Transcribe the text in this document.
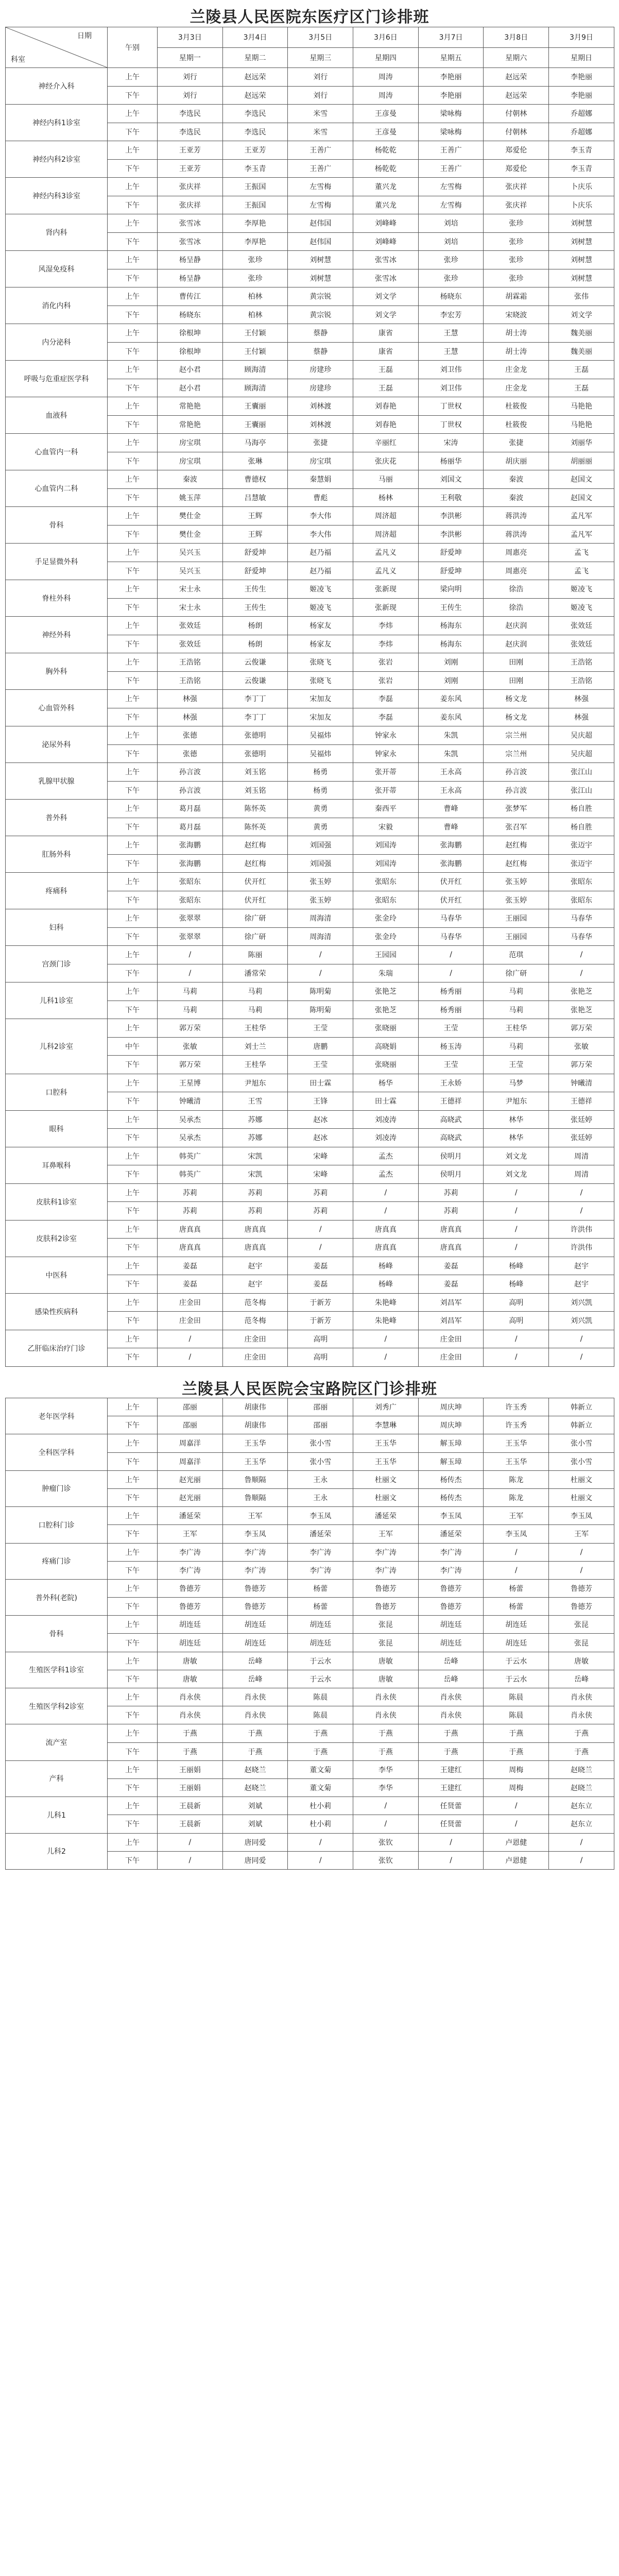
兰陵县人民医院东医疗区门诊排班
日期
科室	午别	3月3日	3月4日	3月5日	3月6日	3月7日	3月8日	3月9日
		星期一	星期二	星期三	星期四	星期五	星期六	星期日
神经介入科	上午	刘行	赵远荣	刘行	周涛	李艳丽	赵远荣	李艳丽
	下午	刘行	赵远荣	刘行	周涛	李艳丽	赵远荣	李艳丽
神经内科1诊室	上午	李选民	李选民	米雪	王彦曼	梁咏梅	付朝林	乔超娜
	下午	李选民	李选民	米雪	王彦曼	梁咏梅	付朝林	乔超娜
神经内科2诊室	上午	王亚芳	王亚芳	王善广	杨乾乾	王善广	郑爱伦	李玉青
	下午	王亚芳	李玉青	王善广	杨乾乾	王善广	郑爱伦	李玉青
神经内科3诊室	上午	张庆祥	王振国	左雪梅	董兴龙	左雪梅	张庆祥	卜庆乐
	下午	张庆祥	王振国	左雪梅	董兴龙	左雪梅	张庆祥	卜庆乐
肾内科	上午	张雪冰	李厚艳	赵伟国	刘峰峰	刘培	张珍	刘树慧
	下午	张雪冰	李厚艳	赵伟国	刘峰峰	刘培	张珍	刘树慧
风湿免疫科	上午	杨呈静	张珍	刘树慧	张雪冰	张珍	张珍	刘树慧
	下午	杨呈静	张珍	刘树慧	张雪冰	张珍	张珍	刘树慧
消化内科	上午	曹传江	柏林	黄宗锐	刘文学	杨晓东	胡霖霜	张伟
	下午	杨晓东	柏林	黄宗锐	刘文学	李宏芳	宋晓波	刘文学
内分泌科	上午	徐根坤	王付颖	蔡静	康省	王慧	胡士涛	魏美丽
	下午	徐根坤	王付颖	蔡静	康省	王慧	胡士涛	魏美丽
呼吸与危重症医学科	上午	赵小君	顾海清	房建珍	王磊	刘卫伟	庄金龙	王磊
	下午	赵小君	顾海清	房建珍	王磊	刘卫伟	庄金龙	王磊
血液科	上午	常艳艳	王囊丽	刘林渡	刘春艳	丁世权	杜筱俊	马艳艳
	下午	常艳艳	王囊丽	刘林渡	刘春艳	丁世权	杜筱俊	马艳艳
心血管内一科	上午	房宝琪	马海亭	张捷	辛丽红	宋涛	张捷	刘丽华
	下午	房宝琪	张琳	房宝琪	张庆花	杨丽华	胡庆丽	胡丽丽
心血管内二科	上午	秦波	曹德权	秦慧娟	马丽	刘国文	秦波	赵国文
	下午	姚玉萍	吕慧敏	曹彪	杨林	王利敬	秦波	赵国文
骨科	上午	樊仕金	王辉	李大伟	周济超	李洪彬	蒋洪涛	孟凡军
	下午	樊仕金	王辉	李大伟	周济超	李洪彬	蒋洪涛	孟凡军
手足显微外科	上午	吴兴玉	舒爱坤	赵乃福	孟凡义	舒爱坤	周惠亮	孟飞
	下午	吴兴玉	舒爱坤	赵乃福	孟凡义	舒爱坤	周惠亮	孟飞
脊柱外科	上午	宋士永	王传生	姬凌飞	张新现	梁向明	徐浩	姬凌飞
	下午	宋士永	王传生	姬凌飞	张新现	王传生	徐浩	姬凌飞
神经外科	上午	张效廷	杨朗	杨家友	李炜	杨海东	赵庆润	张效廷
	下午	张效廷	杨朗	杨家友	李炜	杨海东	赵庆润	张效廷
胸外科	上午	王浩铭	云俊谦	张晓飞	张岩	刘刚	田刚	王浩铭
	下午	王浩铭	云俊谦	张晓飞	张岩	刘刚	田刚	王浩铭
心血管外科	上午	林强	李丁丁	宋加友	李磊	姜东风	杨文龙	林强
	下午	林强	李丁丁	宋加友	李磊	姜东风	杨文龙	林强
泌尿外科	上午	张德	张德明	吴福炜	钟家永	朱凯	宗兰州	吴庆超
	下午	张德	张德明	吴福炜	钟家永	朱凯	宗兰州	吴庆超
乳腺甲状腺	上午	孙言波	刘玉铭	杨勇	张开蒂	王永高	孙言波	张江山
	下午	孙言波	刘玉铭	杨勇	张开蒂	王永高	孙言波	张江山
普外科	上午	葛月磊	陈怀英	黄勇	秦西平	曹峰	张梦军	杨自胜
	下午	葛月磊	陈怀英	黄勇	宋毅	曹峰	张召军	杨自胜
肛肠外科	上午	张海鹏	赵红梅	刘国强	刘国涛	张海鹏	赵红梅	张迈宇
	下午	张海鹏	赵红梅	刘国强	刘国涛	张海鹏	赵红梅	张迈宇
疼痛科	上午	张昭东	伏开红	张玉婷	张昭东	伏开红	张玉婷	张昭东
	下午	张昭东	伏开红	张玉婷	张昭东	伏开红	张玉婷	张昭东
妇科	上午	张翠翠	徐广研	周海清	张金玲	马春华	王丽园	马春华
	下午	张翠翠	徐广研	周海清	张金玲	马春华	王丽园	马春华
宫颈门诊	上午	/	陈丽	/	王园园	/	范琪	/
	下午	/	潘常荣	/	朱瑞	/	徐广研	/
儿科1诊室	上午	马莉	马莉	陈明菊	张艳芝	杨秀丽	马莉	张艳芝
	下午	马莉	马莉	陈明菊	张艳芝	杨秀丽	马莉	张艳芝
儿科2诊室	上午	郭万荣	王桂华	王莹	张晓丽	王莹	王桂华	郭万荣
	中午	张敏	刘士兰	唐鹏	高晓娟	杨玉涛	马莉	张敏
	下午	郭万荣	王桂华	王莹	张晓丽	王莹	王莹	郭万荣
口腔科	上午	王星博	尹旭东	田士霖	杨华	王永娇	马梦	钟曦清
	下午	钟曦清	王雪	王锋	田士霖	王德祥	尹旭东	王德祥
眼科	上午	吴承杰	苏娜	赵冰	刘凌涛	高晓武	林华	张廷婷
	下午	吴承杰	苏娜	赵冰	刘凌涛	高晓武	林华	张廷婷
耳鼻喉科	上午	韩英广	宋凯	宋峰	孟杰	侯明月	刘文龙	周清
	下午	韩英广	宋凯	宋峰	孟杰	侯明月	刘文龙	周清
皮肤科1诊室	上午	苏莉	苏莉	苏莉	/	苏莉	/	/
	下午	苏莉	苏莉	苏莉	/	苏莉	/	/
皮肤科2诊室	上午	唐真真	唐真真	/	唐真真	唐真真	/	许洪伟
	下午	唐真真	唐真真	/	唐真真	唐真真	/	许洪伟
中医科	上午	姜磊	赵宇	姜磊	杨峰	姜磊	杨峰	赵宇
	下午	姜磊	赵宇	姜磊	杨峰	姜磊	杨峰	赵宇
感染性疾病科	上午	庄金田	范冬梅	于新芳	朱艳峰	刘昌军	高明	刘兴凯
	下午	庄金田	范冬梅	于新芳	朱艳峰	刘昌军	高明	刘兴凯
乙肝临床治疗门诊	上午	/	庄金田	高明	/	庄金田	/	/
	下午	/	庄金田	高明	/	庄金田	/	/
兰陵县人民医院会宝路院区门诊排班
老年医学科	上午	邵丽	胡康伟	邵丽	刘秀广	周庆坤	许玉秀	韩新立
	下午	邵丽	胡康伟	邵丽	李慧琳	周庆坤	许玉秀	韩新立
全科医学科	上午	周嘉洋	王玉华	张小雪	王玉华	解玉璋	王玉华	张小雪
	下午	周嘉洋	王玉华	张小雪	王玉华	解玉璋	王玉华	张小雪
肿瘤门诊	上午	赵光丽	鲁顺隔	王永	杜丽文	杨传杰	陈龙	杜丽文
	下午	赵光丽	鲁顺隔	王永	杜丽文	杨传杰	陈龙	杜丽文
口腔科门诊	上午	潘延荣	王军	李玉凤	潘延荣	李玉凤	王军	李玉凤
	下午	王军	李玉凤	潘延荣	王军	潘延荣	李玉凤	王军
疼痛门诊	上午	李广涛	李广涛	李广涛	李广涛	李广涛	/	/
	下午	李广涛	李广涛	李广涛	李广涛	李广涛	/	/
普外科(老院)	上午	鲁德芳	鲁德芳	杨蕾	鲁德芳	鲁德芳	杨蕾	鲁德芳
	下午	鲁德芳	鲁德芳	杨蕾	鲁德芳	鲁德芳	杨蕾	鲁德芳
骨科	上午	胡连廷	胡连廷	胡连廷	张昆	胡连廷	胡连廷	张昆
	下午	胡连廷	胡连廷	胡连廷	张昆	胡连廷	胡连廷	张昆
生殖医学科1诊室	上午	唐敏	岳峰	于云水	唐敏	岳峰	于云水	唐敏
	下午	唐敏	岳峰	于云水	唐敏	岳峰	于云水	岳峰
生殖医学科2诊室	上午	肖永侠	肖永侠	陈晨	肖永侠	肖永侠	陈晨	肖永侠
	下午	肖永侠	肖永侠	陈晨	肖永侠	肖永侠	陈晨	肖永侠
流产室	上午	于燕	于燕	于燕	于燕	于燕	于燕	于燕
	下午	于燕	于燕	于燕	于燕	于燕	于燕	于燕
产科	上午	王丽娟	赵晓兰	董文菊	李华	王建红	周梅	赵晓兰
	下午	王丽娟	赵晓兰	董文菊	李华	王建红	周梅	赵晓兰
儿科1	上午	王晨新	刘斌	杜小莉	/	任贤蕾	/	赵东立
	下午	王晨新	刘斌	杜小莉	/	任贤蕾	/	赵东立
儿科2	上午	/	唐同爱	/	张钦	/	卢恩健	/
	下午	/	唐同爱	/	张钦	/	卢恩健	/
